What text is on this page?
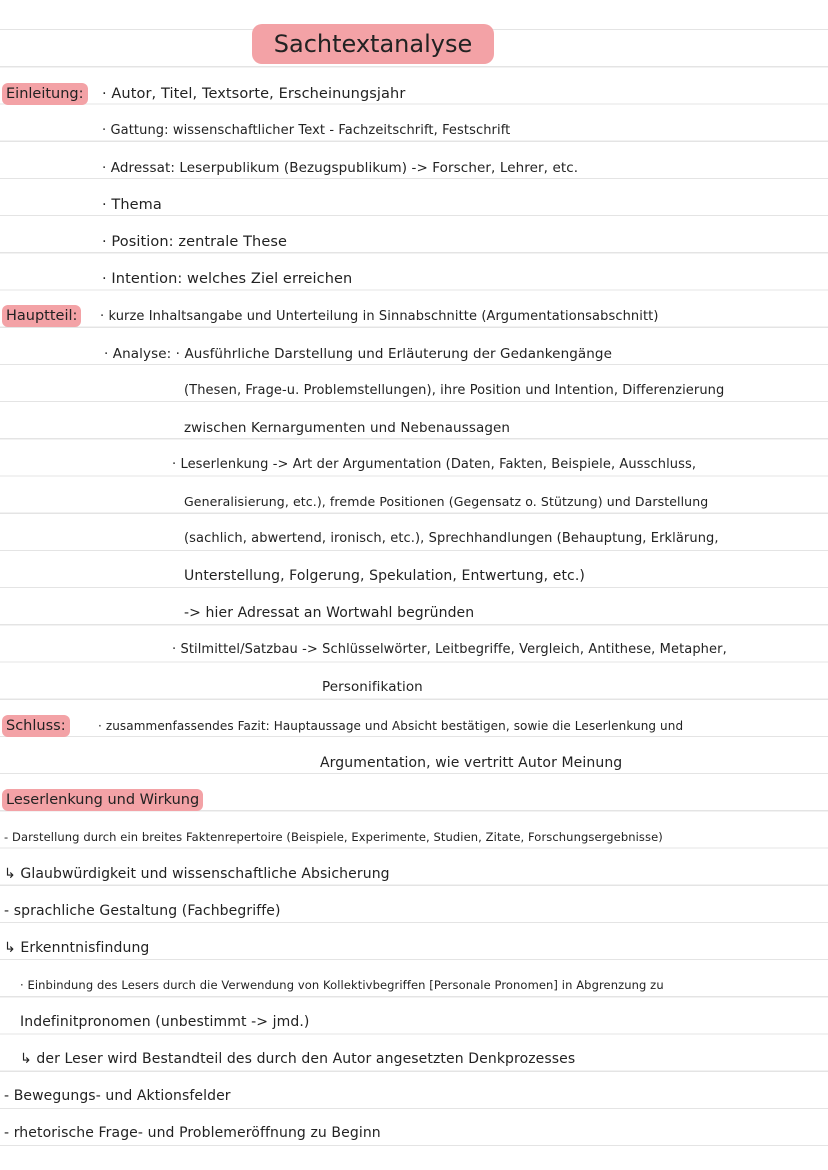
Sachtextanalyse
Einleitung: · Autor, Titel, Textsorte, Erscheinungsjahr
· Gattung: wissenschaftlicher Text - Fachzeitschrift, Festschrift
· Adressat: Leserpublikum (Bezugspublikum) -> Forscher, Lehrer, etc.
· Thema
· Position: zentrale These
· Intention: welches Ziel erreichen
Hauptteil:	· kurze Inhaltsangabe und Unterteilung in Sinnabschnitte (Argumentationsabschnitt)
· Analyse: · Ausführliche Darstellung und Erläuterung der Gedankengänge
(Thesen, Frage-u. Problemstellungen), ihre Position und Intention, Differenzierung
zwischen Kernargumenten und Nebenaussagen
· Leserlenkung -> Art der Argumentation (Daten, Fakten, Beispiele, Ausschluss,
Generalisierung, etc.), fremde Positionen (Gegensatz o. Stützung) und Darstellung
(sachlich, abwertend, ironisch, etc.), Sprechhandlungen (Behauptung, Erklärung,
Unterstellung, Folgerung, Spekulation, Entwertung, etc.)
-> hier Adressat an Wortwahl begründen
· Stilmittel/Satzbau -> Schlüsselwörter, Leitbegriffe, Vergleich, Antithese, Metapher,
Personifikation
Schluss:	· zusammenfassendes Fazit: Hauptaussage und Absicht bestätigen, sowie die Leserlenkung und
Argumentation, wie vertritt Autor Meinung
Leserlenkung und Wirkung
- Darstellung durch ein breites Faktenrepertoire (Beispiele, Experimente, Studien, Zitate, Forschungsergebnisse)
↳ Glaubwürdigkeit und wissenschaftliche Absicherung
- sprachliche Gestaltung (Fachbegriffe)
↳ Erkenntnisfindung
· Einbindung des Lesers durch die Verwendung von Kollektivbegriffen [Personale Pronomen] in Abgrenzung zu
Indefinitpronomen (unbestimmt -> jmd.)
↳ der Leser wird Bestandteil des durch den Autor angesetzten Denkprozesses
- Bewegungs- und Aktionsfelder
- rhetorische Frage- und Problemeröffnung zu Beginn
